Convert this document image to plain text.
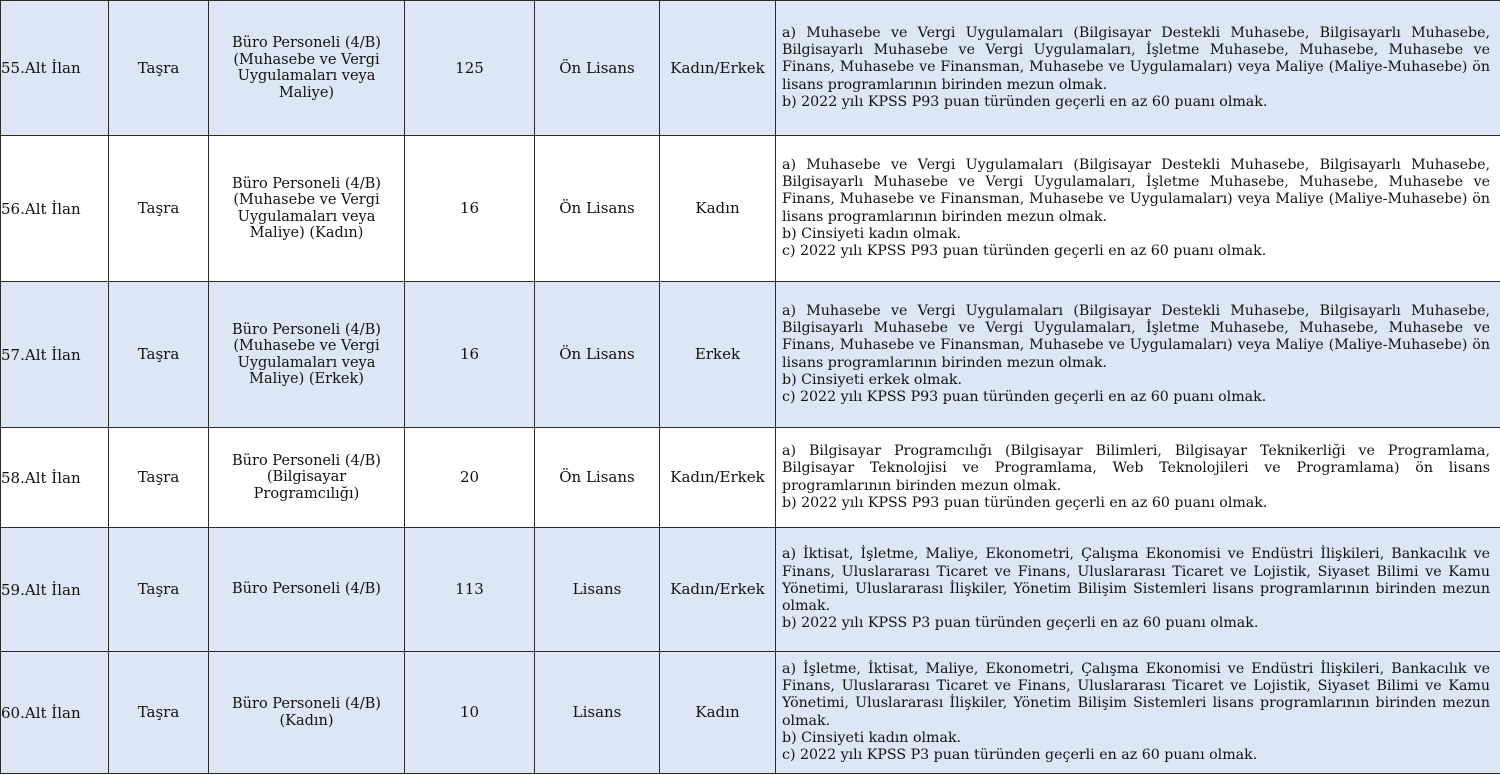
55.Alt İlan	Taşra	Büro Personeli (4/B) (Muhasebe ve Vergi Uygulamaları veya Maliye)	125	Ön Lisans	Kadın/Erkek	a) Muhasebe ve Vergi Uygulamaları (Bilgisayar Destekli Muhasebe, Bilgisayarlı Muhasebe, Bilgisayarlı Muhasebe ve Vergi Uygulamaları, İşletme Muhasebe, Muhasebe, Muhasebe ve Finans, Muhasebe ve Finansman, Muhasebe ve Uygulamaları) veya Maliye (Maliye-Muhasebe) ön lisans programlarının birinden mezun olmak.
b) 2022 yılı KPSS P93 puan türünden geçerli en az 60 puanı olmak.

56.Alt İlan	Taşra	Büro Personeli (4/B) (Muhasebe ve Vergi Uygulamaları veya Maliye) (Kadın)	16	Ön Lisans	Kadın	a) Muhasebe ve Vergi Uygulamaları (Bilgisayar Destekli Muhasebe, Bilgisayarlı Muhasebe, Bilgisayarlı Muhasebe ve Vergi Uygulamaları, İşletme Muhasebe, Muhasebe, Muhasebe ve Finans, Muhasebe ve Finansman, Muhasebe ve Uygulamaları) veya Maliye (Maliye-Muhasebe) ön lisans programlarının birinden mezun olmak.
b) Cinsiyeti kadın olmak.
c) 2022 yılı KPSS P93 puan türünden geçerli en az 60 puanı olmak.

57.Alt İlan	Taşra	Büro Personeli (4/B) (Muhasebe ve Vergi Uygulamaları veya Maliye) (Erkek)	16	Ön Lisans	Erkek	a) Muhasebe ve Vergi Uygulamaları (Bilgisayar Destekli Muhasebe, Bilgisayarlı Muhasebe, Bilgisayarlı Muhasebe ve Vergi Uygulamaları, İşletme Muhasebe, Muhasebe, Muhasebe ve Finans, Muhasebe ve Finansman, Muhasebe ve Uygulamaları) veya Maliye (Maliye-Muhasebe) ön lisans programlarının birinden mezun olmak.
b) Cinsiyeti erkek olmak.
c) 2022 yılı KPSS P93 puan türünden geçerli en az 60 puanı olmak.

58.Alt İlan	Taşra	Büro Personeli (4/B) (Bilgisayar Programcılığı)	20	Ön Lisans	Kadın/Erkek	a) Bilgisayar Programcılığı (Bilgisayar Bilimleri, Bilgisayar Teknikerliği ve Programlama, Bilgisayar Teknolojisi ve Programlama, Web Teknolojileri ve Programlama) ön lisans programlarının birinden mezun olmak.
b) 2022 yılı KPSS P93 puan türünden geçerli en az 60 puanı olmak.

59.Alt İlan	Taşra	Büro Personeli (4/B)	113	Lisans	Kadın/Erkek	a) İktisat, İşletme, Maliye, Ekonometri, Çalışma Ekonomisi ve Endüstri İlişkileri, Bankacılık ve Finans, Uluslararası Ticaret ve Finans, Uluslararası Ticaret ve Lojistik, Siyaset Bilimi ve Kamu Yönetimi, Uluslararası İlişkiler, Yönetim Bilişim Sistemleri lisans programlarının birinden mezun olmak.
b) 2022 yılı KPSS P3 puan türünden geçerli en az 60 puanı olmak.

60.Alt İlan	Taşra	Büro Personeli (4/B) (Kadın)	10	Lisans	Kadın	a) İşletme, İktisat, Maliye, Ekonometri, Çalışma Ekonomisi ve Endüstri İlişkileri, Bankacılık ve Finans, Uluslararası Ticaret ve Finans, Uluslararası Ticaret ve Lojistik, Siyaset Bilimi ve Kamu Yönetimi, Uluslararası İlişkiler, Yönetim Bilişim Sistemleri lisans programlarının birinden mezun olmak.
b) Cinsiyeti kadın olmak.
c) 2022 yılı KPSS P3 puan türünden geçerli en az 60 puanı olmak.
